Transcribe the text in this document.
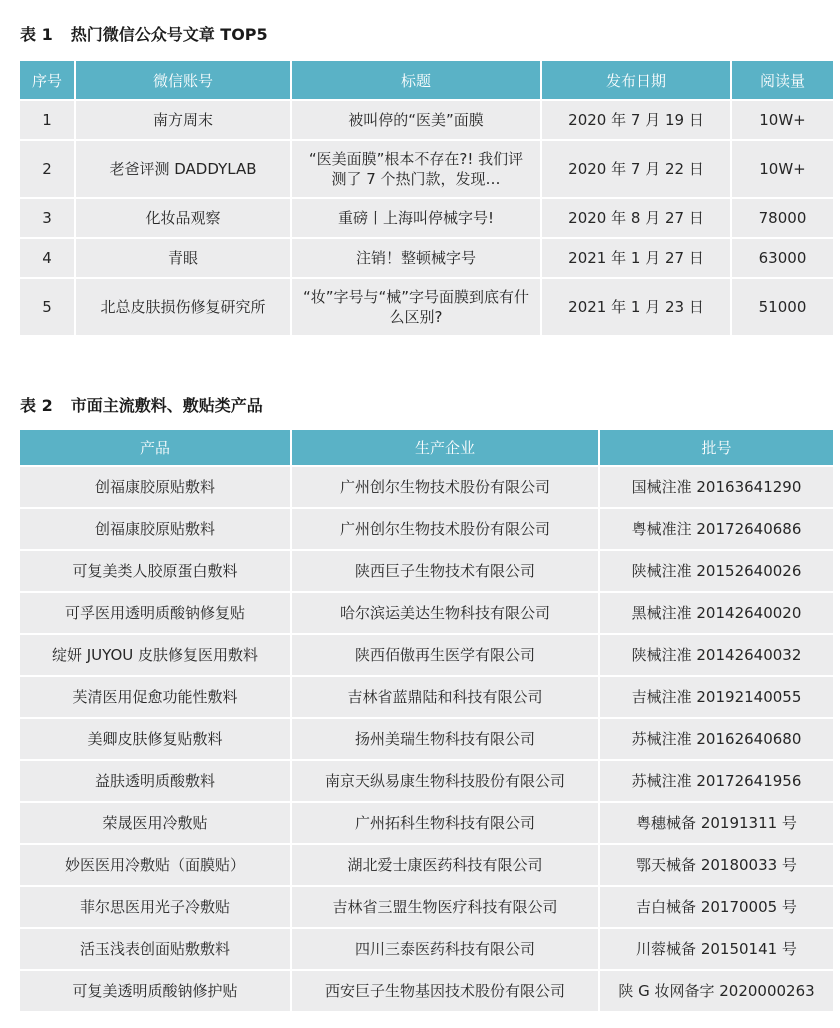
表 1 热门微信公众号文章 TOP5
序号	微信账号	标题	发布日期	阅读量
1	南方周末	被叫停的“医美”面膜	2020 年 7 月 19 日	10W+
2	老爸评测 DADDYLAB	“医美面膜”根本不存在?! 我们评测了 7 个热门款，发现…	2020 年 7 月 22 日	10W+
3	化妆品观察	重磅丨上海叫停械字号!	2020 年 8 月 27 日	78000
4	青眼	注销！整顿械字号	2021 年 1 月 27 日	63000
5	北总皮肤损伤修复研究所	“妆”字号与“械”字号面膜到底有什么区别?	2021 年 1 月 23 日	51000
表 2 市面主流敷料、敷贴类产品
产品	生产企业	批号
创福康胶原贴敷料	广州创尔生物技术股份有限公司	国械注准 20163641290
创福康胶原贴敷料	广州创尔生物技术股份有限公司	粤械准注 20172640686
可复美类人胶原蛋白敷料	陕西巨子生物技术有限公司	陕械注准 20152640026
可孚医用透明质酸钠修复贴	哈尔滨运美达生物科技有限公司	黑械注准 20142640020
绽妍 JUYOU 皮肤修复医用敷料	陕西佰傲再生医学有限公司	陕械注准 20142640032
芙清医用促愈功能性敷料	吉林省蓝鼎陆和科技有限公司	吉械注准 20192140055
美卿皮肤修复贴敷料	扬州美瑞生物科技有限公司	苏械注准 20162640680
益肤透明质酸敷料	南京天纵易康生物科技股份有限公司	苏械注准 20172641956
荣晟医用冷敷贴	广州拓科生物科技有限公司	粤穗械备 20191311 号
妙医医用冷敷贴（面膜贴）	湖北爱士康医药科技有限公司	鄂天械备 20180033 号
菲尔思医用光子冷敷贴	吉林省三盟生物医疗科技有限公司	吉白械备 20170005 号
活玉浅表创面贴敷敷料	四川三泰医药科技有限公司	川蓉械备 20150141 号
可复美透明质酸钠修护贴	西安巨子生物基因技术股份有限公司	陕 G 妆网备字 2020000263
